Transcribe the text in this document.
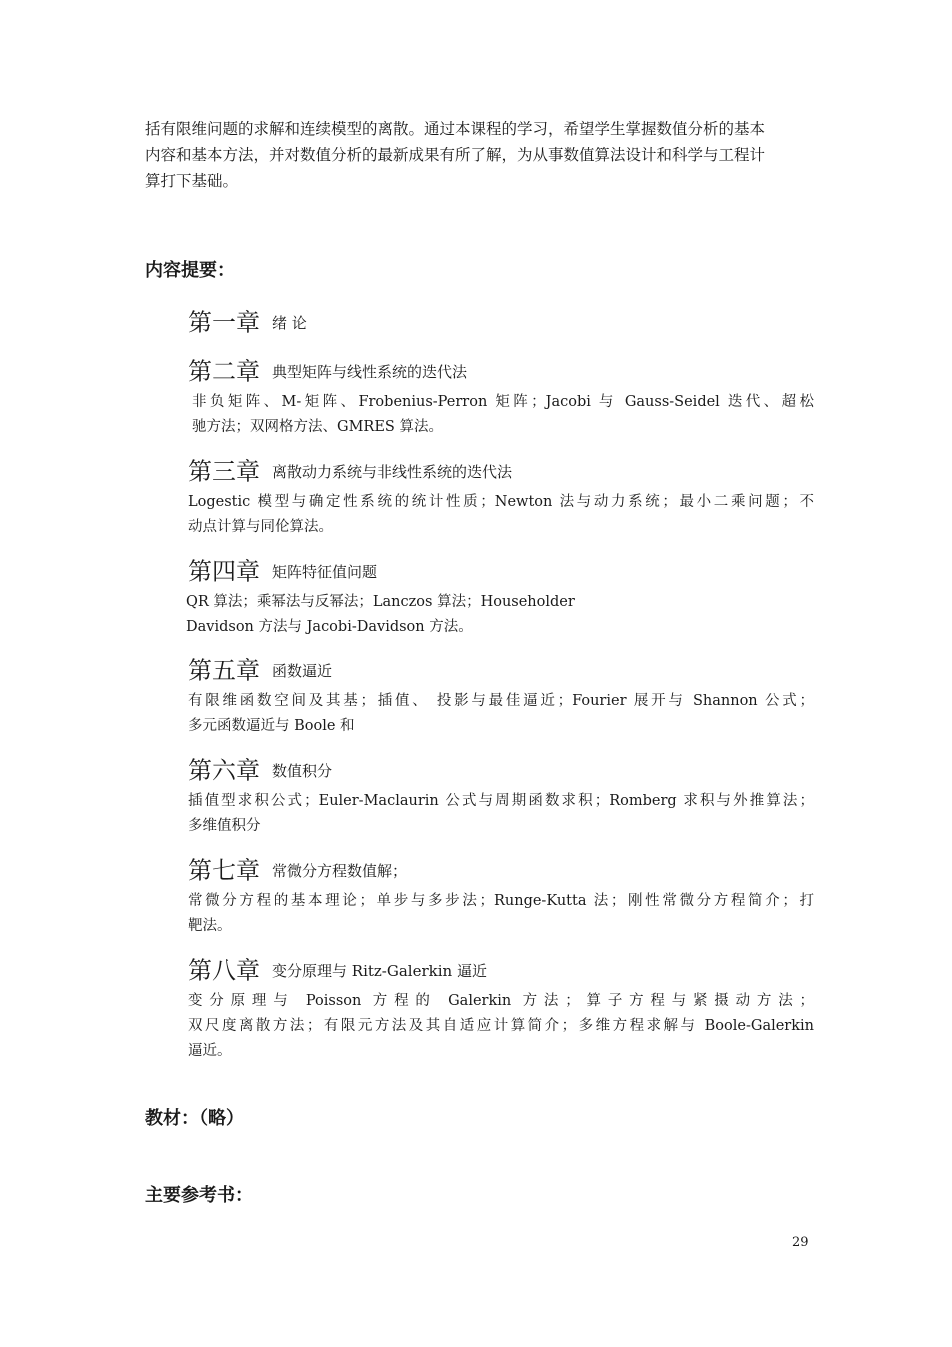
括有限维问题的求解和连续模型的离散。通过本课程的学习，希望学生掌握数值分析的基本
内容和基本方法，并对数值分析的最新成果有所了解，为从事数值算法设计和科学与工程计
算打下基础。
内容提要：
第一章 绪 论
第二章 典型矩阵与线性系统的迭代法
非负矩阵、M-矩阵、Frobenius-Perron 矩阵；Jacobi 与 Gauss-Seidel 迭代、超松
驰方法；双网格方法、GMRES 算法。
第三章 离散动力系统与非线性系统的迭代法
Logestic 模型与确定性系统的统计性质；Newton 法与动力系统；最小二乘问题；不
动点计算与同伦算法。
第四章 矩阵特征值问题
QR 算法；乘幂法与反幂法；Lanczos 算法；Householder
Davidson 方法与 Jacobi-Davidson 方法。
第五章 函数逼近
有限维函数空间及其基；插值、 投影与最佳逼近；Fourier 展开与 Shannon 公式；
多元函数逼近与 Boole 和
第六章 数值积分
插值型求积公式；Euler-Maclaurin 公式与周期函数求积；Romberg 求积与外推算法；
多维值积分
第七章 常微分方程数值解；
常微分方程的基本理论；单步与多步法；Runge-Kutta 法；刚性常微分方程简介；打
靶法。
第八章 变分原理与 Ritz-Galerkin 逼近
变分原理与 Poisson 方程的 Galerkin 方法；算子方程与紧摄动方法；
双尺度离散方法；有限元方法及其自适应计算简介；多维方程求解与 Boole-Galerkin
逼近。
教材：（略）
主要参考书：
29
